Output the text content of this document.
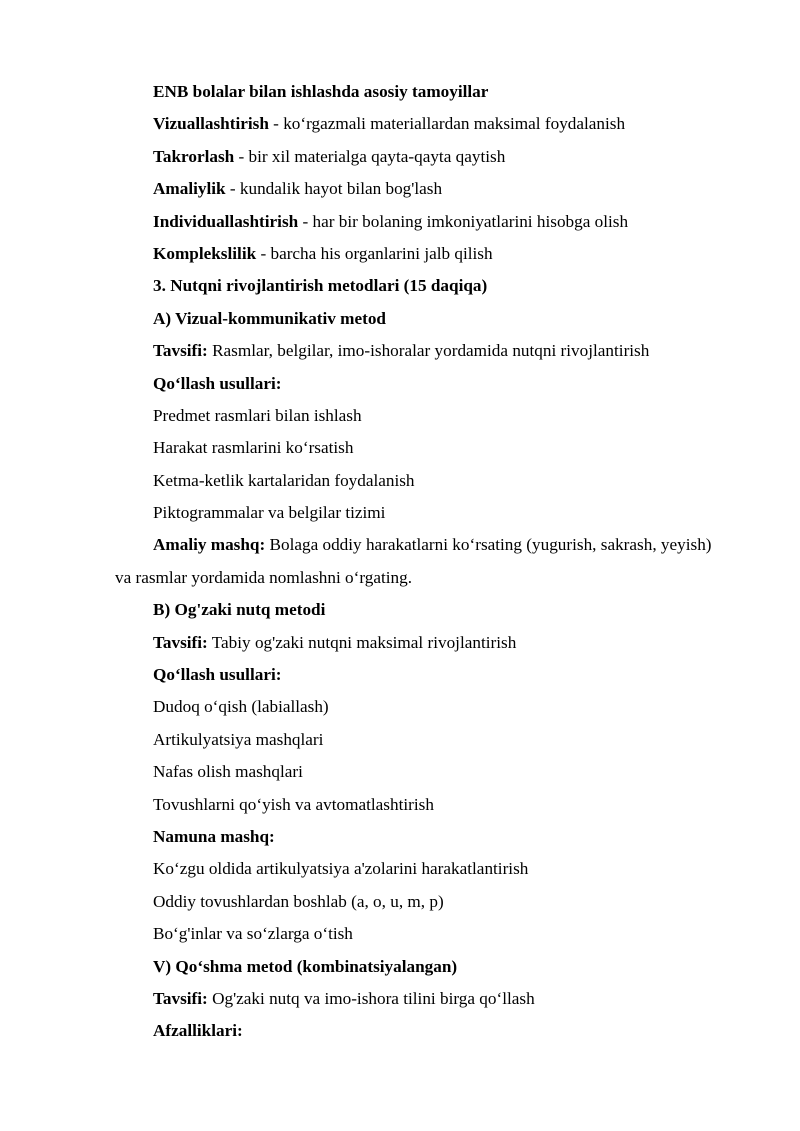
ENB bolalar bilan ishlashda asosiy tamoyillar
Vizuallashtirish - ko‘rgazmali materiallardan maksimal foydalanish
Takrorlash - bir xil materialga qayta-qayta qaytish
Amaliylik - kundalik hayot bilan bog'lash
Individuallashtirish - har bir bolaning imkoniyatlarini hisobga olish
Komplekslilik - barcha his organlarini jalb qilish
3. Nutqni rivojlantirish metodlari (15 daqiqa)
A) Vizual-kommunikativ metod
Tavsifi: Rasmlar, belgilar, imo-ishoralar yordamida nutqni rivojlantirish
Qo‘llash usullari:
Predmet rasmlari bilan ishlash
Harakat rasmlarini ko‘rsatish
Ketma-ketlik kartalaridan foydalanish
Piktogrammalar va belgilar tizimi
Amaliy mashq: Bolaga oddiy harakatlarni ko‘rsating (yugurish, sakrash, yeyish) va rasmlar yordamida nomlashni o‘rgating.
B) Og'zaki nutq metodi
Tavsifi: Tabiy og'zaki nutqni maksimal rivojlantirish
Qo‘llash usullari:
Dudoq o‘qish (labiallash)
Artikulyatsiya mashqlari
Nafas olish mashqlari
Tovushlarni qo‘yish va avtomatlashtirish
Namuna mashq:
Ko‘zgu oldida artikulyatsiya a'zolarini harakatlantirish
Oddiy tovushlardan boshlab (a, o, u, m, p)
Bo‘g'inlar va so‘zlarga o‘tish
V) Qo‘shma metod (kombinatsiyalangan)
Tavsifi: Og'zaki nutq va imo-ishora tilini birga qo‘llash
Afzalliklari:
